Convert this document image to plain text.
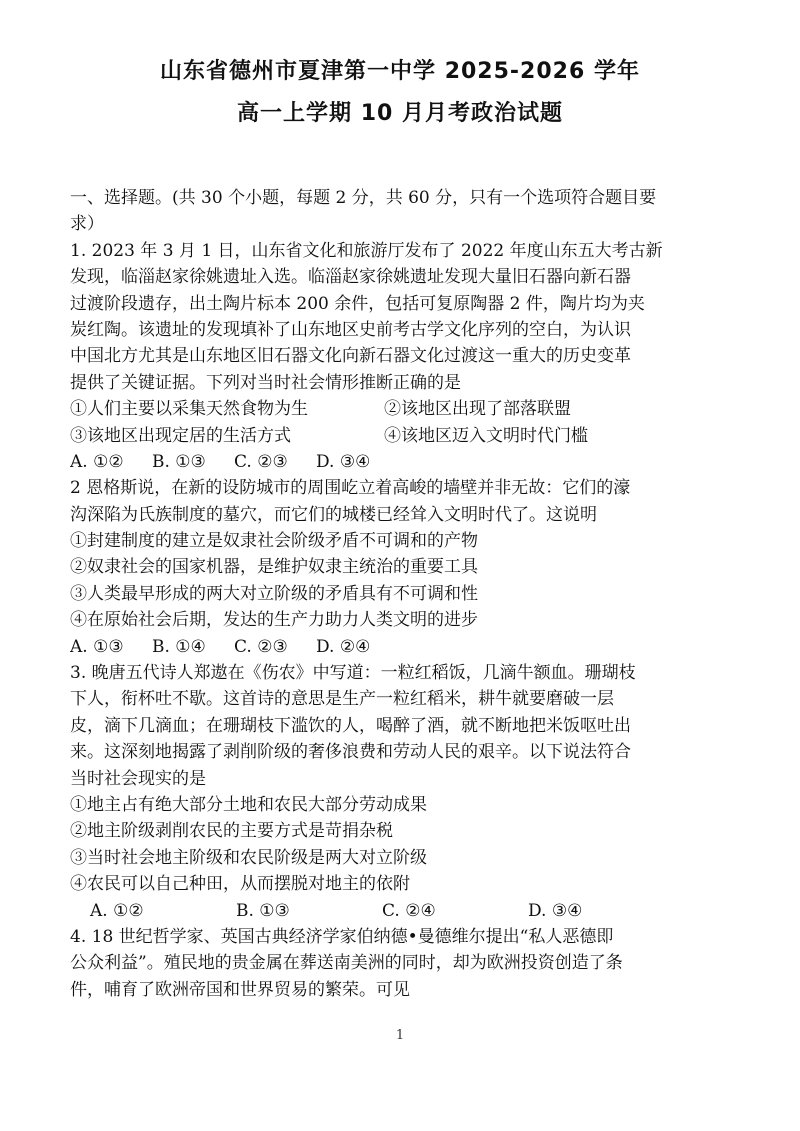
山东省德州市夏津第一中学 2025-2026 学年
高一上学期 10 月月考政治试题
一、选择题。(共 30 个小题，每题 2 分，共 60 分，只有一个选项符合题目要
求）
1. 2023 年 3 月 1 日，山东省文化和旅游厅发布了 2022 年度山东五大考古新
发现，临淄赵家徐姚遗址入选。临淄赵家徐姚遗址发现大量旧石器向新石器
过渡阶段遗存，出土陶片标本 200 余件，包括可复原陶器 2 件，陶片均为夹
炭红陶。该遗址的发现填补了山东地区史前考古学文化序列的空白，为认识
中国北方尤其是山东地区旧石器文化向新石器文化过渡这一重大的历史变革
提供了关键证据。下列对当时社会情形推断正确的是
①人们主要以采集天然食物为生	②该地区出现了部落联盟
③该地区出现定居的生活方式	④该地区迈入文明时代门槛
A. ①②	B. ①③	C. ②③	D. ③④
2 恩格斯说，在新的设防城市的周围屹立着高峻的墙壁并非无故：它们的濠
沟深陷为氏族制度的墓穴，而它们的城楼已经耸入文明时代了。这说明
①封建制度的建立是奴隶社会阶级矛盾不可调和的产物
②奴隶社会的国家机器，是维护奴隶主统治的重要工具
③人类最早形成的两大对立阶级的矛盾具有不可调和性
④在原始社会后期，发达的生产力助力人类文明的进步
A. ①③	B. ①④	C. ②③	D. ②④
3. 晚唐五代诗人郑遨在《伤农》中写道：一粒红稻饭，几滴牛额血。珊瑚枝
下人，衔杯吐不歇。这首诗的意思是生产一粒红稻米，耕牛就要磨破一层
皮，滴下几滴血；在珊瑚枝下滥饮的人，喝醉了酒，就不断地把米饭呕吐出
来。这深刻地揭露了剥削阶级的奢侈浪费和劳动人民的艰辛。以下说法符合
当时社会现实的是
①地主占有绝大部分土地和农民大部分劳动成果
②地主阶级剥削农民的主要方式是苛捐杂税
③当时社会地主阶级和农民阶级是两大对立阶级
④农民可以自己种田，从而摆脱对地主的依附
A. ①②	B. ①③	C. ②④	D. ③④
4. 18 世纪哲学家、英国古典经济学家伯纳德•曼德维尔提出“私人恶德即
公众利益”。殖民地的贵金属在葬送南美洲的同时，却为欧洲投资创造了条
件，哺育了欧洲帝国和世界贸易的繁荣。可见
1
